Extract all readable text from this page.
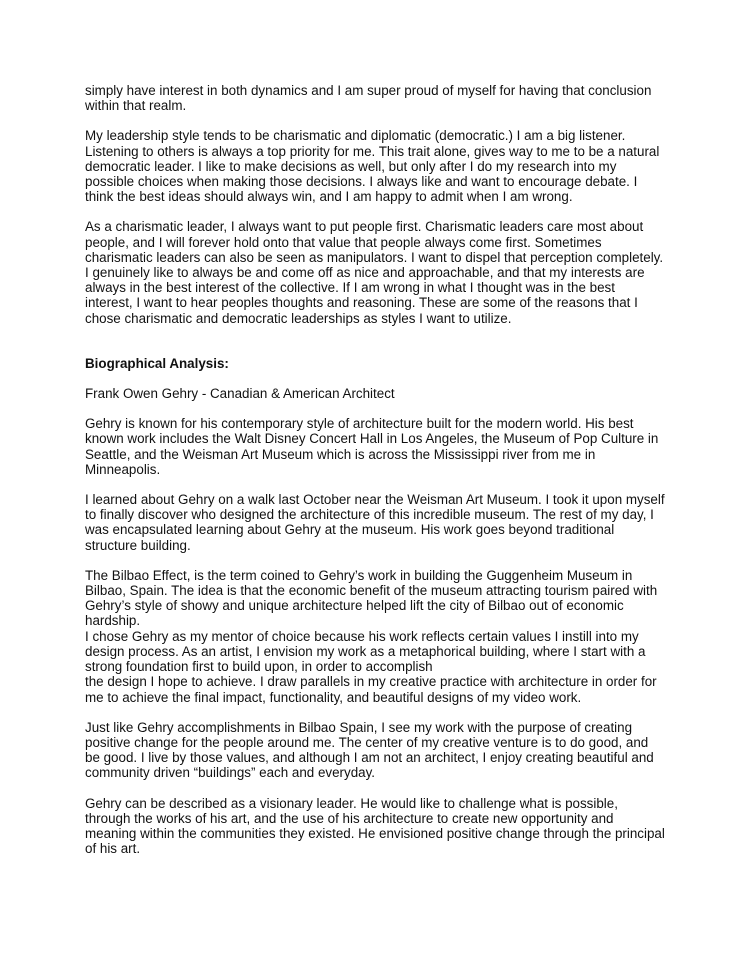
simply have interest in both dynamics and I am super proud of myself for having that conclusion within that realm.

My leadership style tends to be charismatic and diplomatic (democratic.) I am a big listener. Listening to others is always a top priority for me. This trait alone, gives way to me to be a natural democratic leader. I like to make decisions as well, but only after I do my research into my possible choices when making those decisions. I always like and want to encourage debate. I think the best ideas should always win, and I am happy to admit when I am wrong.

As a charismatic leader, I always want to put people first. Charismatic leaders care most about people, and I will forever hold onto that value that people always come first. Sometimes charismatic leaders can also be seen as manipulators. I want to dispel that perception completely. I genuinely like to always be and come off as nice and approachable, and that my interests are always in the best interest of the collective. If I am wrong in what I thought was in the best interest, I want to hear peoples thoughts and reasoning. These are some of the reasons that I chose charismatic and democratic leaderships as styles I want to utilize.

Biographical Analysis:

Frank Owen Gehry - Canadian & American Architect

Gehry is known for his contemporary style of architecture built for the modern world. His best known work includes the Walt Disney Concert Hall in Los Angeles, the Museum of Pop Culture in Seattle, and the Weisman Art Museum which is across the Mississippi river from me in Minneapolis.

I learned about Gehry on a walk last October near the Weisman Art Museum. I took it upon myself to finally discover who designed the architecture of this incredible museum. The rest of my day, I was encapsulated learning about Gehry at the museum. His work goes beyond traditional structure building.

The Bilbao Effect, is the term coined to Gehry’s work in building the Guggenheim Museum in Bilbao, Spain. The idea is that the economic benefit of the museum attracting tourism paired with Gehry’s style of showy and unique architecture helped lift the city of Bilbao out of economic hardship.

I chose Gehry as my mentor of choice because his work reflects certain values I instill into my design process. As an artist, I envision my work as a metaphorical building, where I start with a strong foundation first to build upon, in order to accomplish

the design I hope to achieve. I draw parallels in my creative practice with architecture in order for me to achieve the final impact, functionality, and beautiful designs of my video work.

Just like Gehry accomplishments in Bilbao Spain, I see my work with the purpose of creating positive change for the people around me. The center of my creative venture is to do good, and be good. I live by those values, and although I am not an architect, I enjoy creating beautiful and community driven “buildings” each and everyday.

Gehry can be described as a visionary leader. He would like to challenge what is possible, through the works of his art, and the use of his architecture to create new opportunity and meaning within the communities they existed. He envisioned positive change through the principal of his art.
